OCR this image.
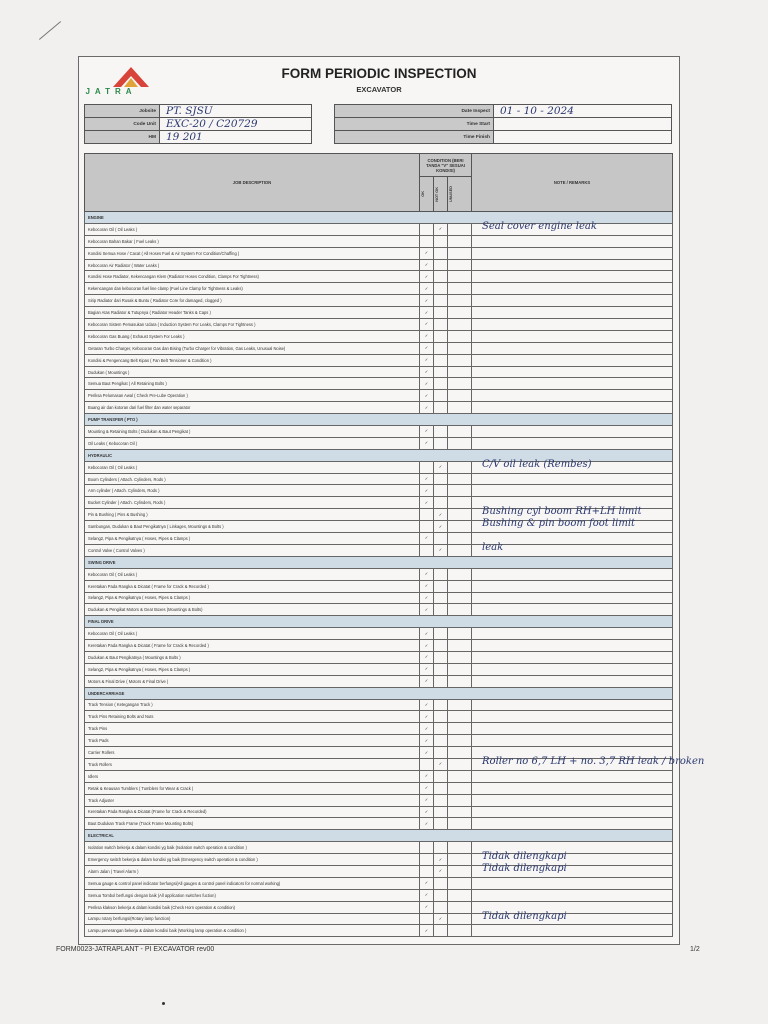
JATRA
FORM PERIODIC INSPECTION
EXCAVATOR
Jobsite	PT. SJSU

Code Unit	EXC-20 / C20729

HM	19 201
Date Inspect	01 - 10 - 2024

Time Start	

Time Finish	
JOB DESCRIPTION	CONDITION (BERI TANDA "V" SESUAI KONDISI)			NOTE / REMARKS

	OK	NOT OK	UNUSED	

ENGINE				
Kebocoran Oil ( Oil Leaks )		✓		Seal cover engine leak

Kebocoran Bahan Bakar ( Fuel Leaks )				

Kondisi Semua Hose / Cacat ( All Hoses Fuel & Air System For Condition/Chaffing )	✓			

Kebocoran Air Radiator ( Water Leaks )	✓			

Kondisi Hose Radiator, Kekencangan Klem (Radiator Hoses Condition, Clamps For Tightness)	✓			

Kekencangan dan kebocoran fuel line clamp (Fuel Line Clamp for Tightness & Leaks)	✓			

Sirip Radiator dari Rusak & Buntu ( Radiator Core for damaged, clogged )	✓			

Bagian Atas Radiator & Tutupnya ( Radiator Header Tanks & Caps )	✓			

Kebocoran Sistem Pemasukan Udara ( Induction System For Leaks, Clamps For Tightness )	✓			

Kebocoran Gas Buang ( Exhaust System For Leaks )	✓			

Getaran Turbo Charger, Kebocoran Gas dan Bising (Turbo Charger for Vibration, Gas Leaks, Unusual Noise)	✓			

Kondisi & Pengencang Belt Kipas ( Fan Belt Tensioner & Condition )	✓			

Dudukan ( Mountings )	✓			

Semua Baut Pengikat ( All Retaining Bolts )	✓			

Periksa Pelumasan Awal ( Check Pre-Lube Operation )	✓			

Buang air dan kotoran dari fuel filter dan water separator	✓			

PUMP TRANSFER ( PTO )				
Mounting & Retaining Bolts ( Dudukan & Baut Pengikat )	✓			

Oil Leaks ( Kebocoran Oil )	✓			

HYDRAULIC				
Kebocoran Oil ( Oil Leaks )		✓		C/V oil leak (Rembes)

Boom Cylinders ( Attach. Cylinders, Rods )	✓			

Arm cylinder ( Attach. Cylinders, Rods )	✓			

Bucket Cylinder ( Attach. Cylinders, Rods )	✓			

Pin & Bushing ( Pins & Bushing )		✓		Bushing cyl boom RH+LH limit

Sambungan, Dudukan & Baut Pengikatnya ( Linkages, Mountings & Bolts )		✓		Bushing & pin boom foot limit

Selang2, Pipa & Pengikatnya ( Hoses, Pipes & Clamps )	✓			

Control Valve ( Control Valves )		✓		leak

SWING DRIVE				
Kebocoran Oil ( Oil Leaks )	✓			

Keretakan Pada Rangka & Dicatat ( Frame for Crack & Recorded )	✓			

Selang2, Pipa & Pengikatnya ( Hoses, Pipes & Clamps )	✓			

Dudukan & Pengikat Motors & Gear Boxes (Mountings & Bolts)	✓			

FINAL DRIVE				
Kebocoran Oil ( Oil Leaks )	✓			

Keretakan Pada Rangka & Dicatat ( Frame for Crack & Recorded )	✓			

Dudukan & Baut Pengikatnya ( Mountings & Bolts )	✓			

Selang2, Pipa & Pengikatnya ( Hoses, Pipes & Clamps )	✓			

Motors & Final Drive ( Motors & Final Drive )	✓			

UNDERCARRIAGE				
Track Tension ( Ketegangan Track )	✓			

Track Pins Retaining Bolts and Nuts	✓			

Track Pins	✓			

Track Pads	✓			

Carrier Rollers	✓			

Track Rollers		✓		Roller no 6,7 LH + no. 3,7 RH leak / broken

Idlers	✓			

Retak & Keausan Tumblers ( Tumblers for Wear & Crack )	✓			

Track Adjuster	✓			

Keretakan Pada Rangka & Dicatat (Frame for Crack & Recorded)	✓			

Baut Dudukan Track Frame (Track Frame Mounting Bolts)	✓			

ELECTRICAL				
Isolation switch bekerja & dalam kondisi yg baik (Isolation switch operation & condition )				

Emergency switch bekerja & dalam kondisi yg baik (Emergency switch operation & condition )		✓		Tidak dilengkapi

Alarm Jalan ( Travel Alarm )		✓		Tidak dilengkapi

Semua gauge & control panel indicator berfungsi(All gauges & control panel indicators for normal working)	✓			

Semua Tombol berfungsi dengan baik (All application switches fuction)	✓			

Periksa klakson bekerja & dalam kondisi baik (Check Horn operation & condition)	✓			

Lampu rotary berfungsi(Rotary lamp function)		✓		Tidak dilengkapi

Lampu penerangan bekerja & dalam kondisi baik (Working lamp operation & condition )	✓			
FORM0023-JATRAPLANT - PI EXCAVATOR rev00	1/2
